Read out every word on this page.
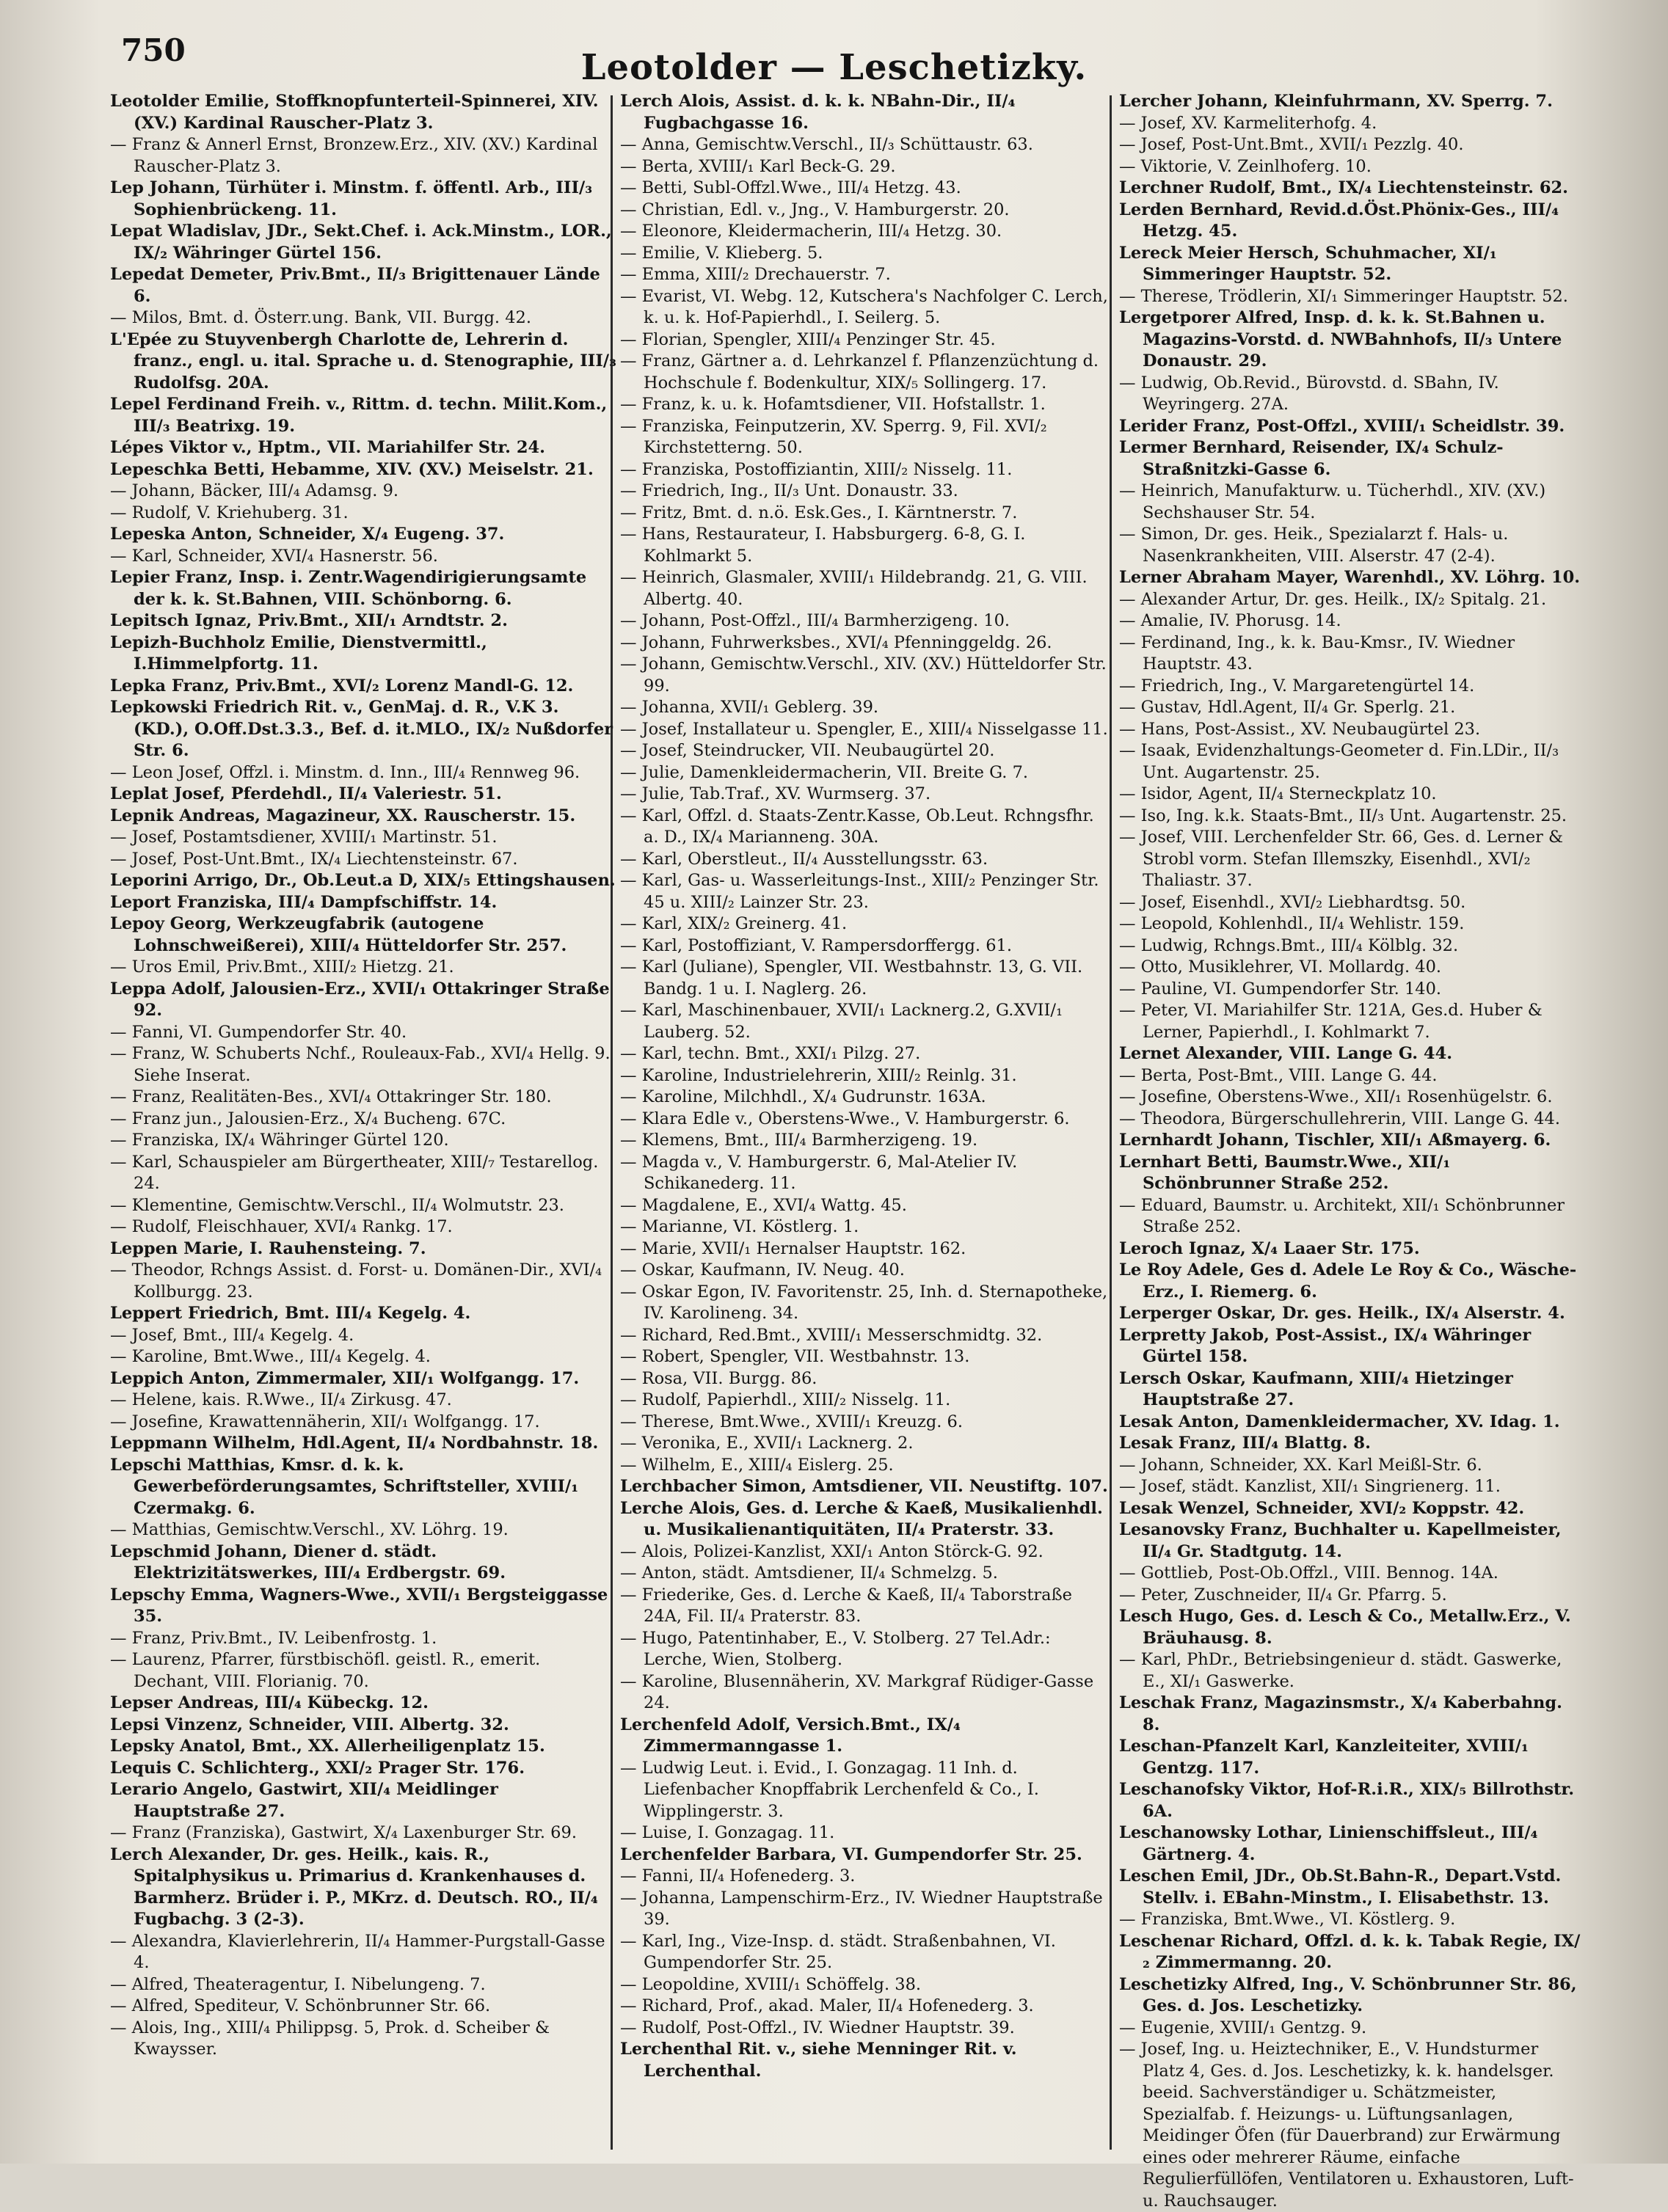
750	Leotolder — Leschetizky.
Leotolder Emilie, Stoffknopfunterteil-Spinnerei, XIV. (XV.) Kardinal Rauscher-Platz 3.
— Franz & Annerl Ernst, Bronzew.Erz., XIV. (XV.) Kardinal Rauscher-Platz 3.
Lep Johann, Türhüter i. Minstm. f. öffentl. Arb., III/₃ Sophienbrückeng. 11.
Lepat Wladislav, JDr., Sekt.Chef. i. Ack.Minstm., LOR., IX/₂ Währinger Gürtel 156.
Lepedat Demeter, Priv.Bmt., II/₃ Brigittenauer Lände 6.
— Milos, Bmt. d. Österr.ung. Bank, VII. Burgg. 42.
L'Epée zu Stuyvenbergh Charlotte de, Lehrerin d. franz., engl. u. ital. Sprache u. d. Stenographie, III/₃ Rudolfsg. 20A.
Lepel Ferdinand Freih. v., Rittm. d. techn. Milit.Kom., III/₃ Beatrixg. 19.
Lépes Viktor v., Hptm., VII. Mariahilfer Str. 24.
Lepeschka Betti, Hebamme, XIV. (XV.) Meiselstr. 21.
— Johann, Bäcker, III/₄ Adamsg. 9.
— Rudolf, V. Kriehuberg. 31.
Lepeska Anton, Schneider, X/₄ Eugeng. 37.
— Karl, Schneider, XVI/₄ Hasnerstr. 56.
Lepier Franz, Insp. i. Zentr.Wagendirigierungsamte der k. k. St.Bahnen, VIII. Schönborng. 6.
Lepitsch Ignaz, Priv.Bmt., XII/₁ Arndtstr. 2.
Lepizh-Buchholz Emilie, Dienstvermittl., I.Himmelpfortg. 11.
Lepka Franz, Priv.Bmt., XVI/₂ Lorenz Mandl-G. 12.
Lepkowski Friedrich Rit. v., GenMaj. d. R., V.K 3. (KD.), O.Off.Dst.3.3., Bef. d. it.MLO., IX/₂ Nußdorfer Str. 6.
— Leon Josef, Offzl. i. Minstm. d. Inn., III/₄ Rennweg 96.
Leplat Josef, Pferdehdl., II/₄ Valeriestr. 51.
Lepnik Andreas, Magazineur, XX. Rauscherstr. 15.
— Josef, Postamtsdiener, XVIII/₁ Martinstr. 51.
— Josef, Post-Unt.Bmt., IX/₄ Liechtensteinstr. 67.
Leporini Arrigo, Dr., Ob.Leut.a D, XIX/₅ Ettingshausen.
Leport Franziska, III/₄ Dampfschiffstr. 14.
Lepoy Georg, Werkzeugfabrik (autogene Lohnschweißerei), XIII/₄ Hütteldorfer Str. 257.
— Uros Emil, Priv.Bmt., XIII/₂ Hietzg. 21.
Leppa Adolf, Jalousien-Erz., XVII/₁ Ottakringer Straße 92.
— Fanni, VI. Gumpendorfer Str. 40.
— Franz, W. Schuberts Nchf., Rouleaux-Fab., XVI/₄ Hellg. 9. Siehe Inserat.
— Franz, Realitäten-Bes., XVI/₄ Ottakringer Str. 180.
— Franz jun., Jalousien-Erz., X/₄ Bucheng. 67C.
— Franziska, IX/₄ Währinger Gürtel 120.
— Karl, Schauspieler am Bürgertheater, XIII/₇ Testarellog. 24.
— Klementine, Gemischtw.Verschl., II/₄ Wolmutstr. 23.
— Rudolf, Fleischhauer, XVI/₄ Rankg. 17.
Leppen Marie, I. Rauhensteing. 7.
— Theodor, Rchngs Assist. d. Forst- u. Domänen-Dir., XVI/₄ Kollburgg. 23.
Leppert Friedrich, Bmt. III/₄ Kegelg. 4.
— Josef, Bmt., III/₄ Kegelg. 4.
— Karoline, Bmt.Wwe., III/₄ Kegelg. 4.
Leppich Anton, Zimmermaler, XII/₁ Wolfgangg. 17.
— Helene, kais. R.Wwe., II/₄ Zirkusg. 47.
— Josefine, Krawattennäherin, XII/₁ Wolfgangg. 17.
Leppmann Wilhelm, Hdl.Agent, II/₄ Nordbahnstr. 18.
Lepschi Matthias, Kmsr. d. k. k. Gewerbeförderungsamtes, Schriftsteller, XVIII/₁ Czermakg. 6.
— Matthias, Gemischtw.Verschl., XV. Löhrg. 19.
Lepschmid Johann, Diener d. städt. Elektrizitätswerkes, III/₄ Erdbergstr. 69.
Lepschy Emma, Wagners-Wwe., XVII/₁ Bergsteiggasse 35.
— Franz, Priv.Bmt., IV. Leibenfrostg. 1.
— Laurenz, Pfarrer, fürstbischöfl. geistl. R., emerit. Dechant, VIII. Florianig. 70.
Lepser Andreas, III/₄ Kübeckg. 12.
Lepsi Vinzenz, Schneider, VIII. Albertg. 32.
Lepsky Anatol, Bmt., XX. Allerheiligenplatz 15.
Lequis C. Schlichterg., XXI/₂ Prager Str. 176.
Lerario Angelo, Gastwirt, XII/₄ Meidlinger Hauptstraße 27.
— Franz (Franziska), Gastwirt, X/₄ Laxenburger Str. 69.
Lerch Alexander, Dr. ges. Heilk., kais. R., Spitalphysikus u. Primarius d. Krankenhauses d. Barmherz. Brüder i. P., MKrz. d. Deutsch. RO., II/₄ Fugbachg. 3 (2-3).
— Alexandra, Klavierlehrerin, II/₄ Hammer-Purgstall-Gasse 4.
— Alfred, Theateragentur, I. Nibelungeng. 7.
— Alfred, Spediteur, V. Schönbrunner Str. 66.
— Alois, Ing., XIII/₄ Philippsg. 5, Prok. d. Scheiber & Kwaysser.
Lerch Alois, Assist. d. k. k. NBahn-Dir., II/₄ Fugbachgasse 16.
— Anna, Gemischtw.Verschl., II/₃ Schüttaustr. 63.
— Berta, XVIII/₁ Karl Beck-G. 29.
— Betti, Subl-Offzl.Wwe., III/₄ Hetzg. 43.
— Christian, Edl. v., Jng., V. Hamburgerstr. 20.
— Eleonore, Kleidermacherin, III/₄ Hetzg. 30.
— Emilie, V. Klieberg. 5.
— Emma, XIII/₂ Drechauerstr. 7.
— Evarist, VI. Webg. 12, Kutschera's Nachfolger C. Lerch, k. u. k. Hof-Papierhdl., I. Seilerg. 5.
— Florian, Spengler, XIII/₄ Penzinger Str. 45.
— Franz, Gärtner a. d. Lehrkanzel f. Pflanzenzüchtung d. Hochschule f. Bodenkultur, XIX/₅ Sollingerg. 17.
— Franz, k. u. k. Hofamtsdiener, VII. Hofstallstr. 1.
— Franziska, Feinputzerin, XV. Sperrg. 9, Fil. XVI/₂ Kirchstetterng. 50.
— Franziska, Postoffiziantin, XIII/₂ Nisselg. 11.
— Friedrich, Ing., II/₃ Unt. Donaustr. 33.
— Fritz, Bmt. d. n.ö. Esk.Ges., I. Kärntnerstr. 7.
— Hans, Restaurateur, I. Habsburgerg. 6-8, G. I. Kohlmarkt 5.
— Heinrich, Glasmaler, XVIII/₁ Hildebrandg. 21, G. VIII. Albertg. 40.
— Johann, Post-Offzl., III/₄ Barmherzigeng. 10.
— Johann, Fuhrwerksbes., XVI/₄ Pfenninggeldg. 26.
— Johann, Gemischtw.Verschl., XIV. (XV.) Hütteldorfer Str. 99.
— Johanna, XVII/₁ Geblerg. 39.
— Josef, Installateur u. Spengler, E., XIII/₄ Nisselgasse 11.
— Josef, Steindrucker, VII. Neubaugürtel 20.
— Julie, Damenkleidermacherin, VII. Breite G. 7.
— Julie, Tab.Traf., XV. Wurmserg. 37.
— Karl, Offzl. d. Staats-Zentr.Kasse, Ob.Leut. Rchngsfhr. a. D., IX/₄ Marianneng. 30A.
— Karl, Oberstleut., II/₄ Ausstellungsstr. 63.
— Karl, Gas- u. Wasserleitungs-Inst., XIII/₂ Penzinger Str. 45 u. XIII/₂ Lainzer Str. 23.
— Karl, XIX/₂ Greinerg. 41.
— Karl, Postoffiziant, V. Rampersdorffergg. 61.
— Karl (Juliane), Spengler, VII. Westbahnstr. 13, G. VII. Bandg. 1 u. I. Naglerg. 26.
— Karl, Maschinenbauer, XVII/₁ Lacknerg.2, G.XVII/₁ Lauberg. 52.
— Karl, techn. Bmt., XXI/₁ Pilzg. 27.
— Karoline, Industrielehrerin, XIII/₂ Reinlg. 31.
— Karoline, Milchhdl., X/₄ Gudrunstr. 163A.
— Klara Edle v., Oberstens-Wwe., V. Hamburgerstr. 6.
— Klemens, Bmt., III/₄ Barmherzigeng. 19.
— Magda v., V. Hamburgerstr. 6, Mal-Atelier IV. Schikanederg. 11.
— Magdalene, E., XVI/₄ Wattg. 45.
— Marianne, VI. Köstlerg. 1.
— Marie, XVII/₁ Hernalser Hauptstr. 162.
— Oskar, Kaufmann, IV. Neug. 40.
— Oskar Egon, IV. Favoritenstr. 25, Inh. d. Sternapotheke, IV. Karolineng. 34.
— Richard, Red.Bmt., XVIII/₁ Messerschmidtg. 32.
— Robert, Spengler, VII. Westbahnstr. 13.
— Rosa, VII. Burgg. 86.
— Rudolf, Papierhdl., XIII/₂ Nisselg. 11.
— Therese, Bmt.Wwe., XVIII/₁ Kreuzg. 6.
— Veronika, E., XVII/₁ Lacknerg. 2.
— Wilhelm, E., XIII/₄ Eislerg. 25.
Lerchbacher Simon, Amtsdiener, VII. Neustiftg. 107.
Lerche Alois, Ges. d. Lerche & Kaeß, Musikalienhdl. u. Musikalienantiquitäten, II/₄ Praterstr. 33.
— Alois, Polizei-Kanzlist, XXI/₁ Anton Störck-G. 92.
— Anton, städt. Amtsdiener, II/₄ Schmelzg. 5.
— Friederike, Ges. d. Lerche & Kaeß, II/₄ Taborstraße 24A, Fil. II/₄ Praterstr. 83.
— Hugo, Patentinhaber, E., V. Stolberg. 27 Tel.Adr.: Lerche, Wien, Stolberg.
— Karoline, Blusennäherin, XV. Markgraf Rüdiger-Gasse 24.
Lerchenfeld Adolf, Versich.Bmt., IX/₄ Zimmermanngasse 1.
— Ludwig Leut. i. Evid., I. Gonzagag. 11 Inh. d. Liefenbacher Knopffabrik Lerchenfeld & Co., I. Wipplingerstr. 3.
— Luise, I. Gonzagag. 11.
Lerchenfelder Barbara, VI. Gumpendorfer Str. 25.
— Fanni, II/₄ Hofenederg. 3.
— Johanna, Lampenschirm-Erz., IV. Wiedner Hauptstraße 39.
— Karl, Ing., Vize-Insp. d. städt. Straßenbahnen, VI. Gumpendorfer Str. 25.
— Leopoldine, XVIII/₁ Schöffelg. 38.
— Richard, Prof., akad. Maler, II/₄ Hofenederg. 3.
— Rudolf, Post-Offzl., IV. Wiedner Hauptstr. 39.
Lerchenthal Rit. v., siehe Menninger Rit. v. Lerchenthal.
Lercher Johann, Kleinfuhrmann, XV. Sperrg. 7.
— Josef, XV. Karmeliterhofg. 4.
— Josef, Post-Unt.Bmt., XVII/₁ Pezzlg. 40.
— Viktorie, V. Zeinlhoferg. 10.
Lerchner Rudolf, Bmt., IX/₄ Liechtensteinstr. 62.
Lerden Bernhard, Revid.d.Öst.Phönix-Ges., III/₄ Hetzg. 45.
Lereck Meier Hersch, Schuhmacher, XI/₁ Simmeringer Hauptstr. 52.
— Therese, Trödlerin, XI/₁ Simmeringer Hauptstr. 52.
Lergetporer Alfred, Insp. d. k. k. St.Bahnen u. Magazins-Vorstd. d. NWBahnhofs, II/₃ Untere Donaustr. 29.
— Ludwig, Ob.Revid., Bürovstd. d. SBahn, IV. Weyringerg. 27A.
Lerider Franz, Post-Offzl., XVIII/₁ Scheidlstr. 39.
Lermer Bernhard, Reisender, IX/₄ Schulz-Straßnitzki-Gasse 6.
— Heinrich, Manufakturw. u. Tücherhdl., XIV. (XV.) Sechshauser Str. 54.
— Simon, Dr. ges. Heik., Spezialarzt f. Hals- u. Nasenkrankheiten, VIII. Alserstr. 47 (2-4).
Lerner Abraham Mayer, Warenhdl., XV. Löhrg. 10.
— Alexander Artur, Dr. ges. Heilk., IX/₂ Spitalg. 21.
— Amalie, IV. Phorusg. 14.
— Ferdinand, Ing., k. k. Bau-Kmsr., IV. Wiedner Hauptstr. 43.
— Friedrich, Ing., V. Margaretengürtel 14.
— Gustav, Hdl.Agent, II/₄ Gr. Sperlg. 21.
— Hans, Post-Assist., XV. Neubaugürtel 23.
— Isaak, Evidenzhaltungs-Geometer d. Fin.LDir., II/₃ Unt. Augartenstr. 25.
— Isidor, Agent, II/₄ Sterneckplatz 10.
— Iso, Ing. k.k. Staats-Bmt., II/₃ Unt. Augartenstr. 25.
— Josef, VIII. Lerchenfelder Str. 66, Ges. d. Lerner & Strobl vorm. Stefan Illemszky, Eisenhdl., XVI/₂ Thaliastr. 37.
— Josef, Eisenhdl., XVI/₂ Liebhardtsg. 50.
— Leopold, Kohlenhdl., II/₄ Wehlistr. 159.
— Ludwig, Rchngs.Bmt., III/₄ Kölblg. 32.
— Otto, Musiklehrer, VI. Mollardg. 40.
— Pauline, VI. Gumpendorfer Str. 140.
— Peter, VI. Mariahilfer Str. 121A, Ges.d. Huber & Lerner, Papierhdl., I. Kohlmarkt 7.
Lernet Alexander, VIII. Lange G. 44.
— Berta, Post-Bmt., VIII. Lange G. 44.
— Josefine, Oberstens-Wwe., XII/₁ Rosenhügelstr. 6.
— Theodora, Bürgerschullehrerin, VIII. Lange G. 44.
Lernhardt Johann, Tischler, XII/₁ Aßmayerg. 6.
Lernhart Betti, Baumstr.Wwe., XII/₁ Schönbrunner Straße 252.
— Eduard, Baumstr. u. Architekt, XII/₁ Schönbrunner Straße 252.
Leroch Ignaz, X/₄ Laaer Str. 175.
Le Roy Adele, Ges d. Adele Le Roy & Co., Wäsche-Erz., I. Riemerg. 6.
Lerperger Oskar, Dr. ges. Heilk., IX/₄ Alserstr. 4.
Lerpretty Jakob, Post-Assist., IX/₄ Währinger Gürtel 158.
Lersch Oskar, Kaufmann, XIII/₄ Hietzinger Hauptstraße 27.
Lesak Anton, Damenkleidermacher, XV. Idag. 1.
Lesak Franz, III/₄ Blattg. 8.
— Johann, Schneider, XX. Karl Meißl-Str. 6.
— Josef, städt. Kanzlist, XII/₁ Singrienerg. 11.
Lesak Wenzel, Schneider, XVI/₂ Koppstr. 42.
Lesanovsky Franz, Buchhalter u. Kapellmeister, II/₄ Gr. Stadtgutg. 14.
— Gottlieb, Post-Ob.Offzl., VIII. Bennog. 14A.
— Peter, Zuschneider, II/₄ Gr. Pfarrg. 5.
Lesch Hugo, Ges. d. Lesch & Co., Metallw.Erz., V. Bräuhausg. 8.
— Karl, PhDr., Betriebsingenieur d. städt. Gaswerke, E., XI/₁ Gaswerke.
Leschak Franz, Magazinsmstr., X/₄ Kaberbahng. 8.
Leschan-Pfanzelt Karl, Kanzleiteiter, XVIII/₁ Gentzg. 117.
Leschanofsky Viktor, Hof-R.i.R., XIX/₅ Billrothstr. 6A.
Leschanowsky Lothar, Linienschiffsleut., III/₄ Gärtnerg. 4.
Leschen Emil, JDr., Ob.St.Bahn-R., Depart.Vstd. Stellv. i. EBahn-Minstm., I. Elisabethstr. 13.
— Franziska, Bmt.Wwe., VI. Köstlerg. 9.
Leschenar Richard, Offzl. d. k. k. Tabak Regie, IX/₂ Zimmermanng. 20.
Leschetizky Alfred, Ing., V. Schönbrunner Str. 86, Ges. d. Jos. Leschetizky.
— Eugenie, XVIII/₁ Gentzg. 9.
— Josef, Ing. u. Heiztechniker, E., V. Hundsturmer Platz 4, Ges. d. Jos. Leschetizky, k. k. handelsger. beeid. Sachverständiger u. Schätzmeister, Spezialfab. f. Heizungs- u. Lüftungsanlagen, Meidinger Öfen (für Dauerbrand) zur Erwärmung eines oder mehrerer Räume, einfache Regulierfüllöfen, Ventilatoren u. Exhaustoren, Luft- u. Rauchsauger.
